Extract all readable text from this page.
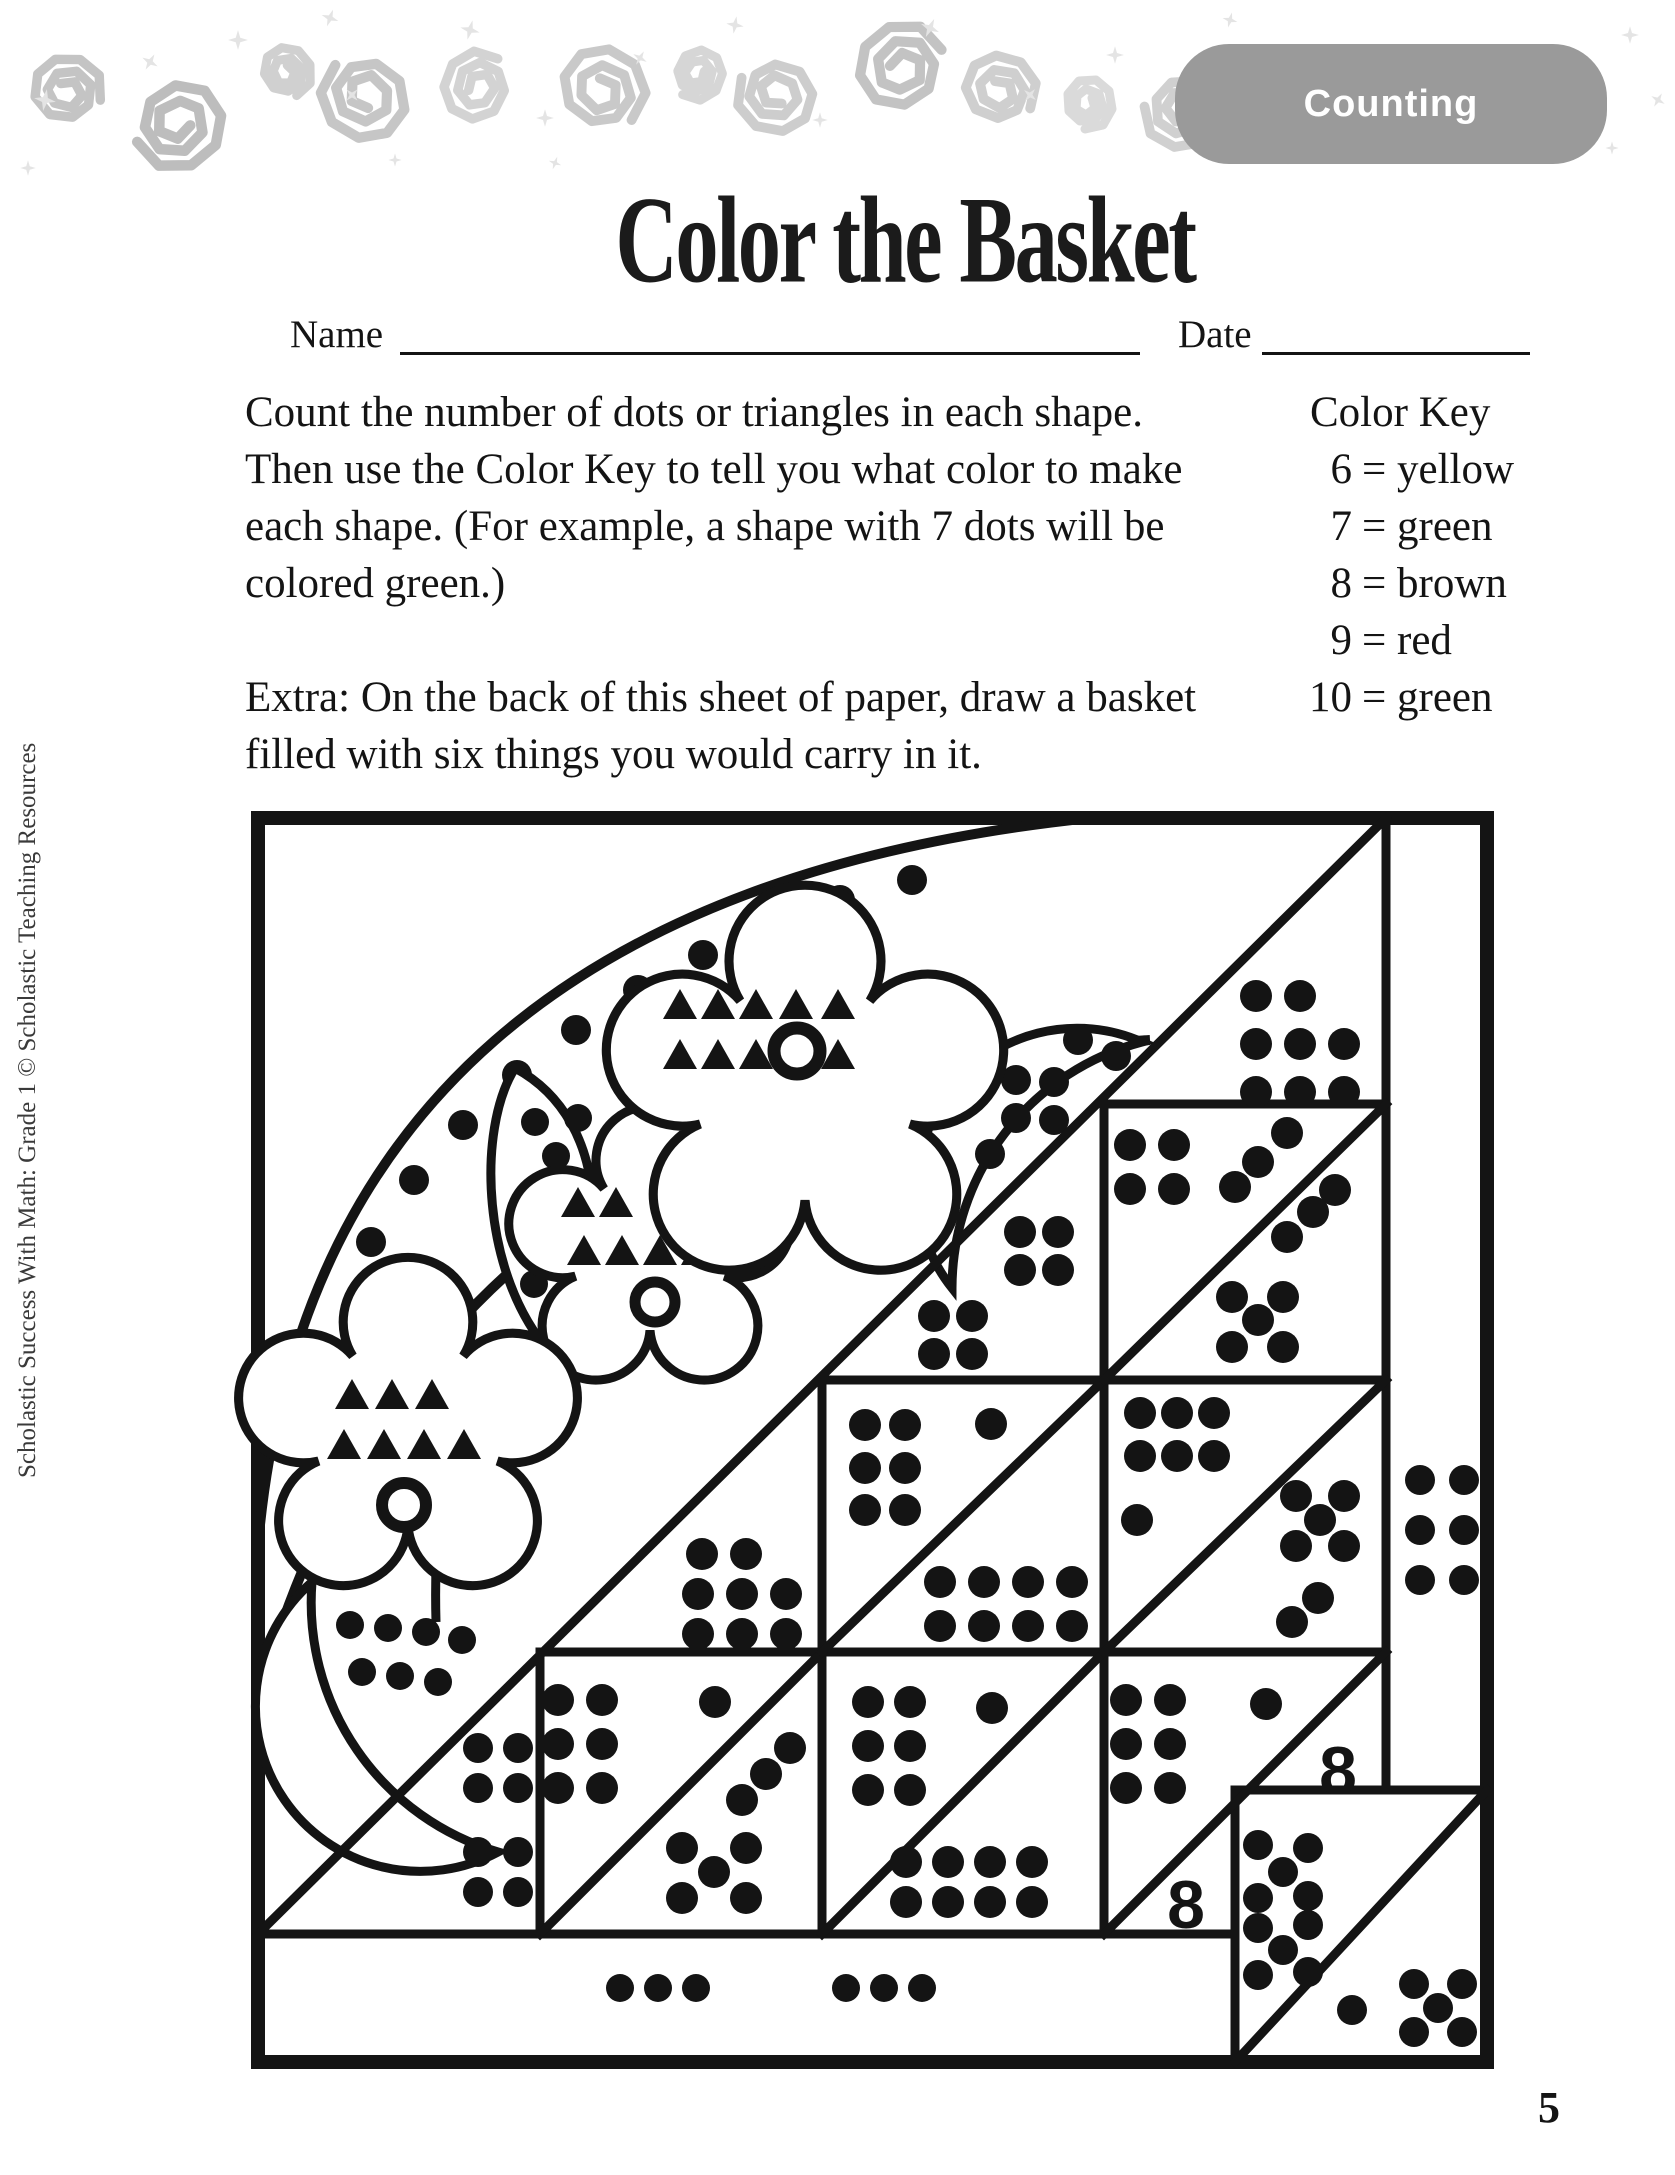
Counting
Color the Basket
Name	Date
Count the number of dots or triangles in each shape.
Then use the Color Key to tell you what color to make
each shape. (For example, a shape with 7 dots will be
colored green.)
Extra: On the back of this sheet of paper, draw a basket
filled with six things you would carry in it.
Color Key
6 = yellow
7 = green
8 = brown
9 = red
10 = green
8
8
Scholastic Success With Math: Grade 1 © Scholastic Teaching Resources
5
